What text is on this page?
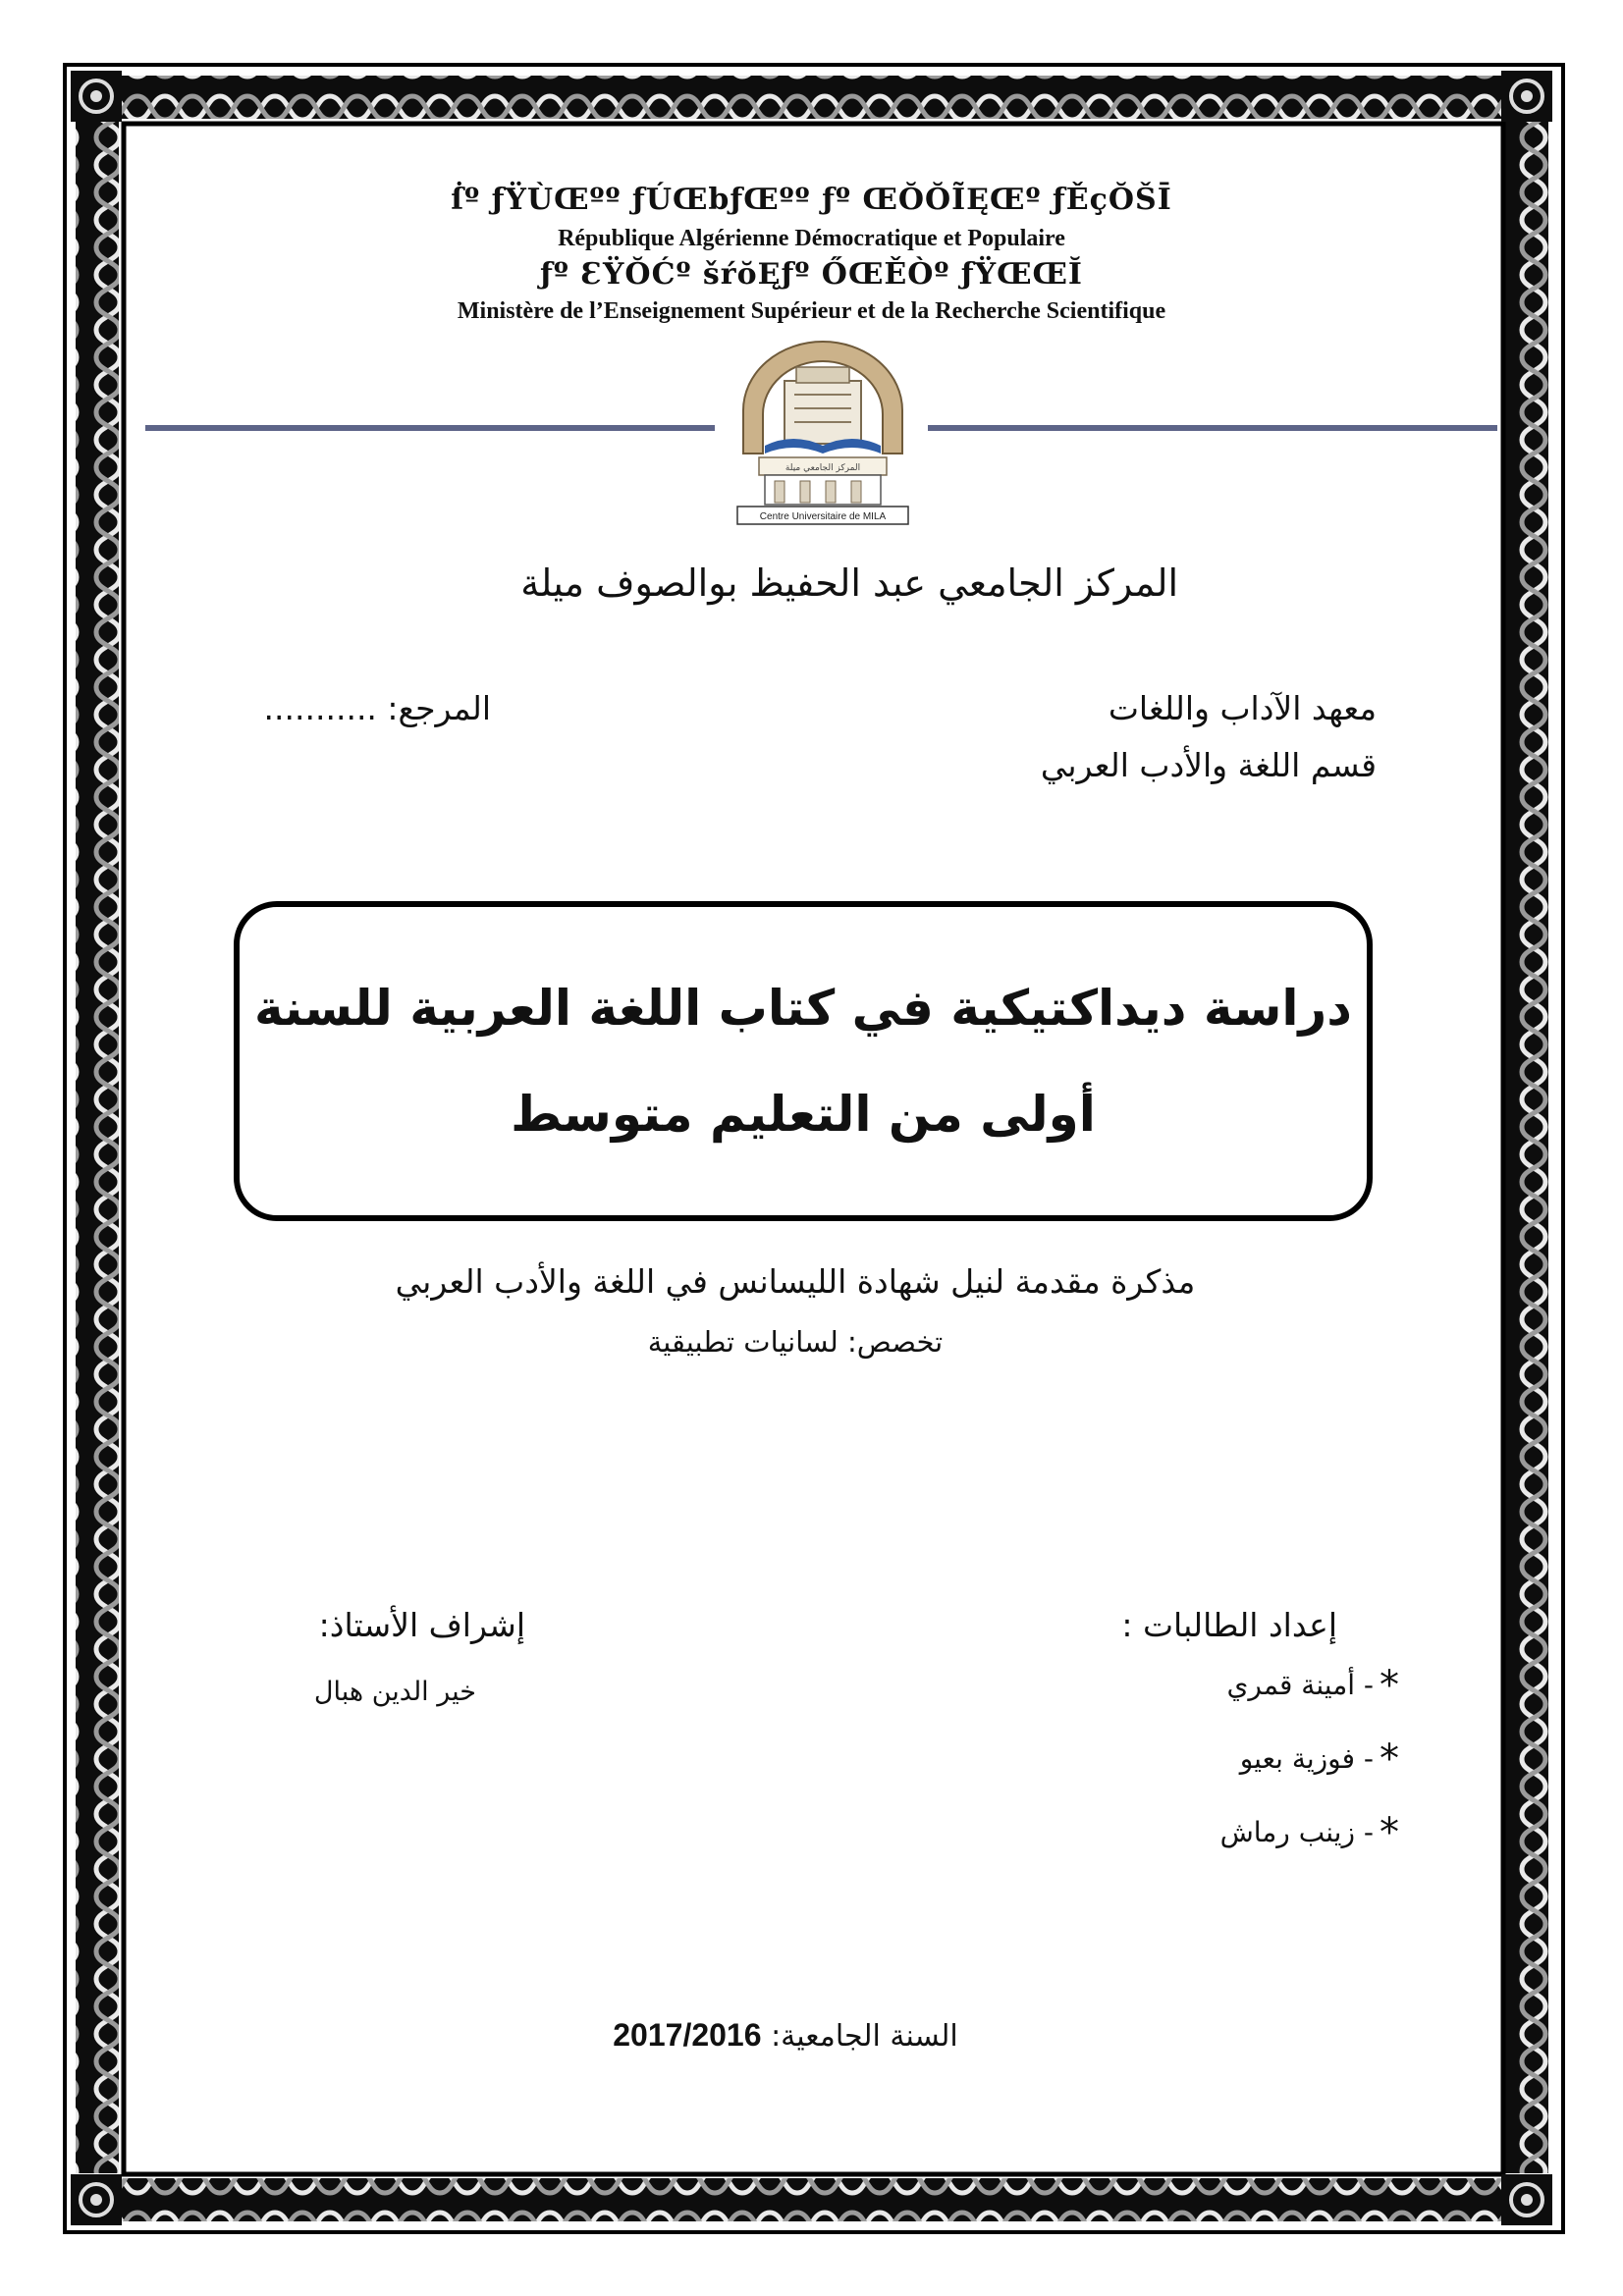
ẛº ƒŸÙŒºº ƒÚŒbƒŒºº ƒº ŒŎŎĨĘŒº ƒĚçŎŠĪ
République Algérienne Démocratique et Populaire
ƒº ƐŸŎĆº šŕŏĘƒº ŐŒĚÒº ƒŸŒŒĬ
Ministère de l’Enseignement Supérieur et de la Recherche Scientifique
المركز الجامعي ميلة
Centre Universitaire de MILA
المركز الجامعي عبد الحفيظ بوالصوف ميلة
معهد الآداب واللغات
المرجع: ...........
قسم اللغة والأدب العربي
دراسة ديداكتيكية في كتاب اللغة العربية للسنة
أولى من التعليم متوسط
مذكرة مقدمة لنيل شهادة الليسانس في اللغة والأدب العربي
تخصص: لسانيات تطبيقية
إعداد الطالبات :
إشراف الأستاذ:
*
- أمينة قمري
*
- فوزية بعيو
*
- زينب رماش
خير الدين هبال
السنة الجامعية: 2017/2016
